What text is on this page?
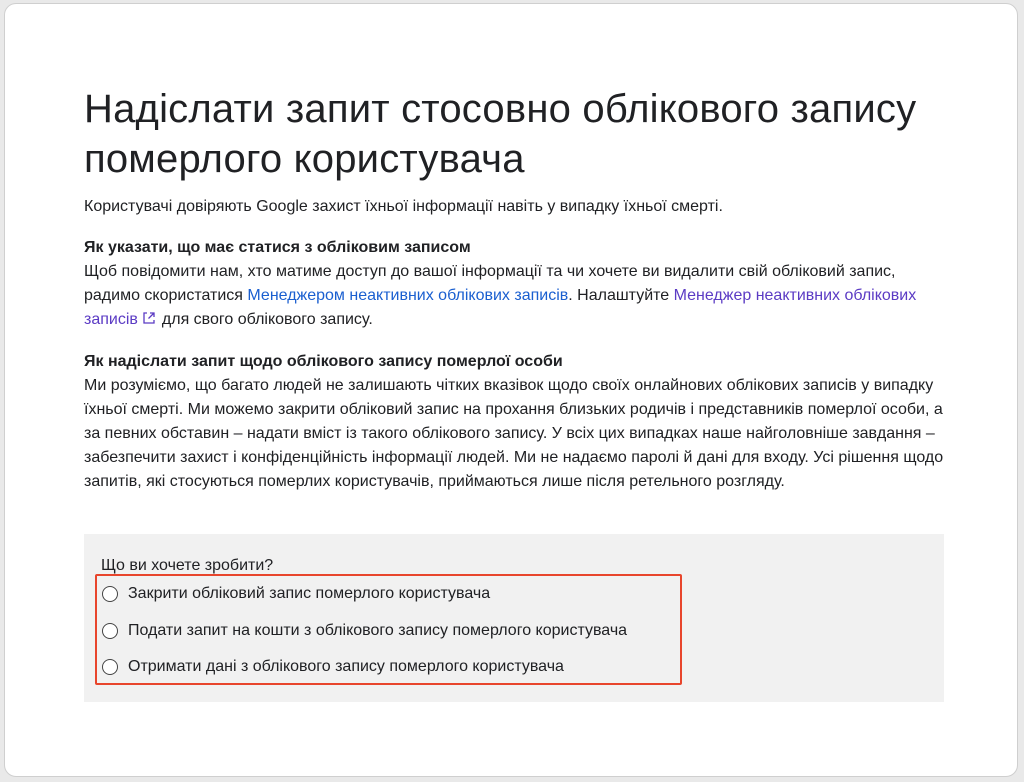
Надіслати запит стосовно облікового запису померлого користувача

Користувачі довіряють Google захист їхньої інформації навіть у випадку їхньої смерті.

Як указати, що має статися з обліковим записом

Щоб повідомити нам, хто матиме доступ до вашої інформації та чи хочете ви видалити свій обліковий запис, радимо скористатися Менеджером неактивних облікових записів. Налаштуйте Менеджер неактивних облікових записів для свого облікового запису.

Як надіслати запит щодо облікового запису померлої особи

Ми розуміємо, що багато людей не залишають чітких вказівок щодо своїх онлайнових облікових записів у випадку їхньої смерті. Ми можемо закрити обліковий запис на прохання близьких родичів і представників померлої особи, а за певних обставин – надати вміст із такого облікового запису. У всіх цих випадках наше найголовніше завдання – забезпечити захист і конфіденційність інформації людей. Ми не надаємо паролі й дані для входу. Усі рішення щодо запитів, які стосуються померлих користувачів, приймаються лише після ретельного розгляду.

Що ви хочете зробити?
Закрити обліковий запис померлого користувача
Подати запит на кошти з облікового запису померлого користувача
Отримати дані з облікового запису померлого користувача
